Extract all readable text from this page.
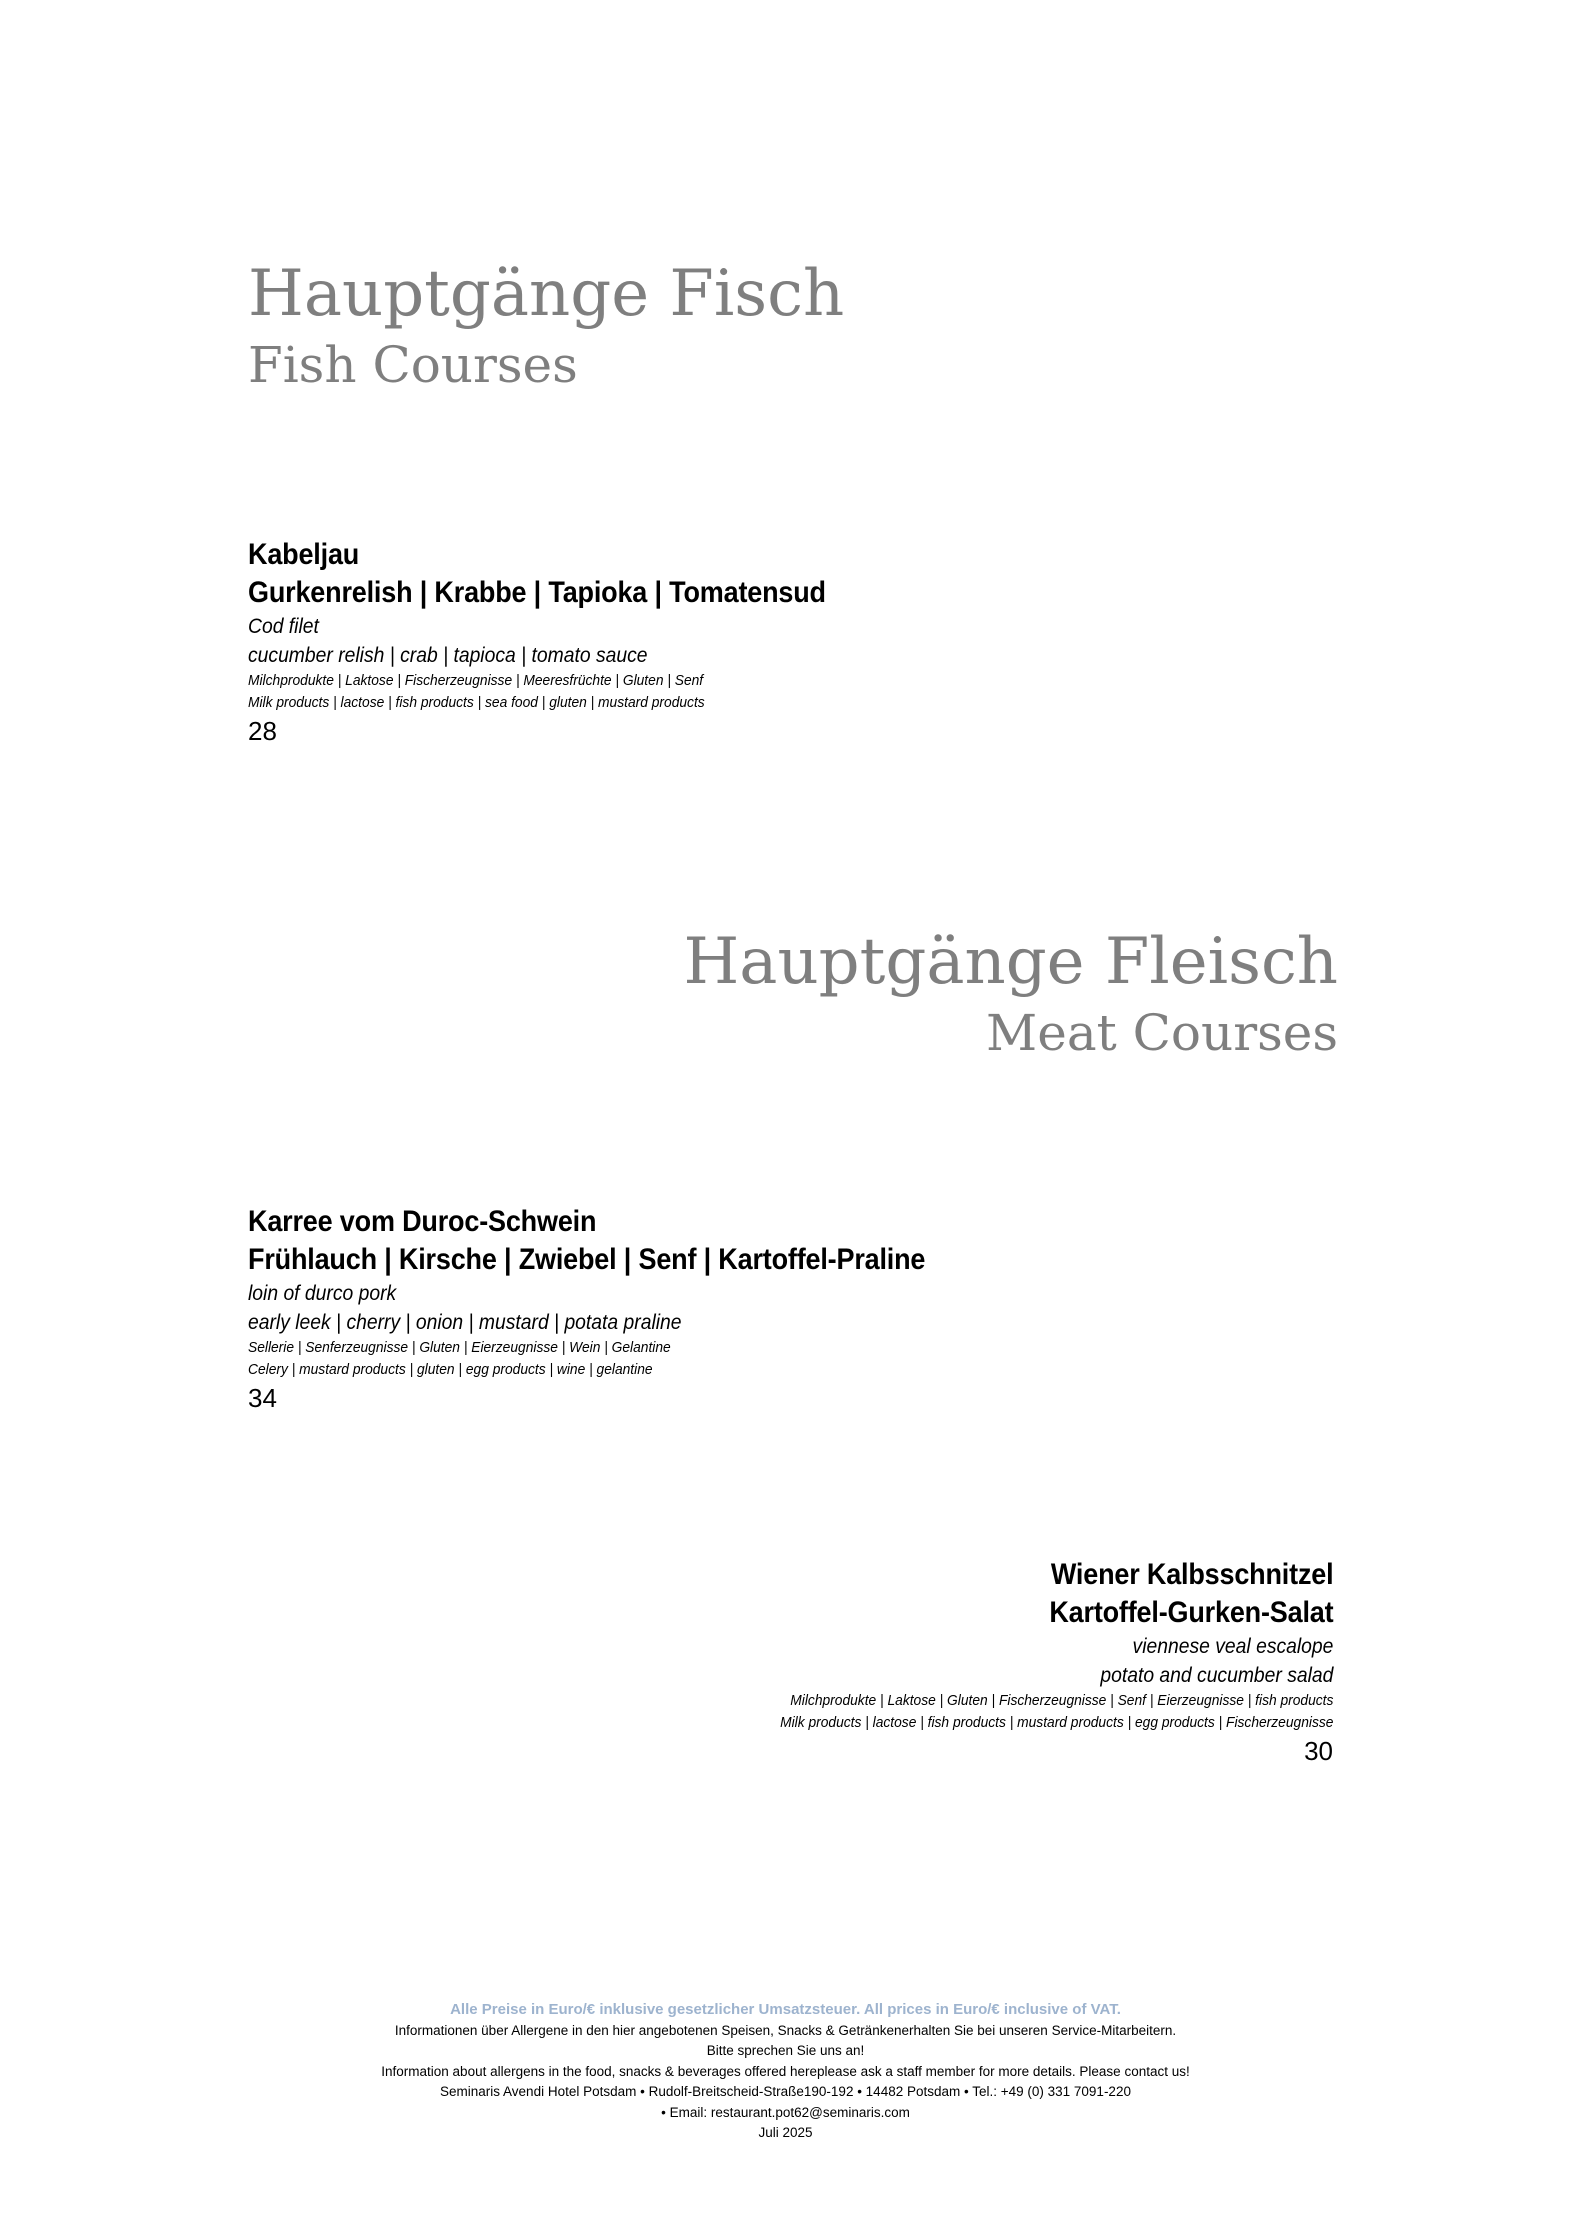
Hauptgänge Fisch
Fish Courses
Kabeljau
Gurkenrelish | Krabbe | Tapioka | Tomatensud
Cod filet
cucumber relish | crab | tapioca | tomato sauce
Milchprodukte | Laktose | Fischerzeugnisse | Meeresfrüchte | Gluten | Senf
Milk products | lactose | fish products | sea food | gluten | mustard products
28
Hauptgänge Fleisch
Meat Courses
Karree vom Duroc-Schwein
Frühlauch | Kirsche | Zwiebel | Senf | Kartoffel-Praline
loin of durco pork
early leek | cherry | onion | mustard | potata praline
Sellerie | Senferzeugnisse | Gluten | Eierzeugnisse | Wein | Gelantine
Celery | mustard products | gluten | egg products | wine | gelantine
34
Wiener Kalbsschnitzel
Kartoffel-Gurken-Salat
viennese veal escalope
potato and cucumber salad
Milchprodukte | Laktose | Gluten | Fischerzeugnisse | Senf | Eierzeugnisse | fish products
Milk products | lactose | fish products | mustard products | egg products | Fischerzeugnisse
30
Alle Preise in Euro/€ inklusive gesetzlicher Umsatzsteuer. All prices in Euro/€ inclusive of VAT.
Informationen über Allergene in den hier angebotenen Speisen, Snacks & Getränkenerhalten Sie bei unseren Service-Mitarbeitern.
Bitte sprechen Sie uns an!
Information about allergens in the food, snacks & beverages offered hereplease ask a staff member for more details. Please contact us!
Seminaris Avendi Hotel Potsdam • Rudolf-Breitscheid-Straße190-192 • 14482 Potsdam • Tel.: +49 (0) 331 7091-220
• Email: restaurant.pot62@seminaris.com
Juli 2025
